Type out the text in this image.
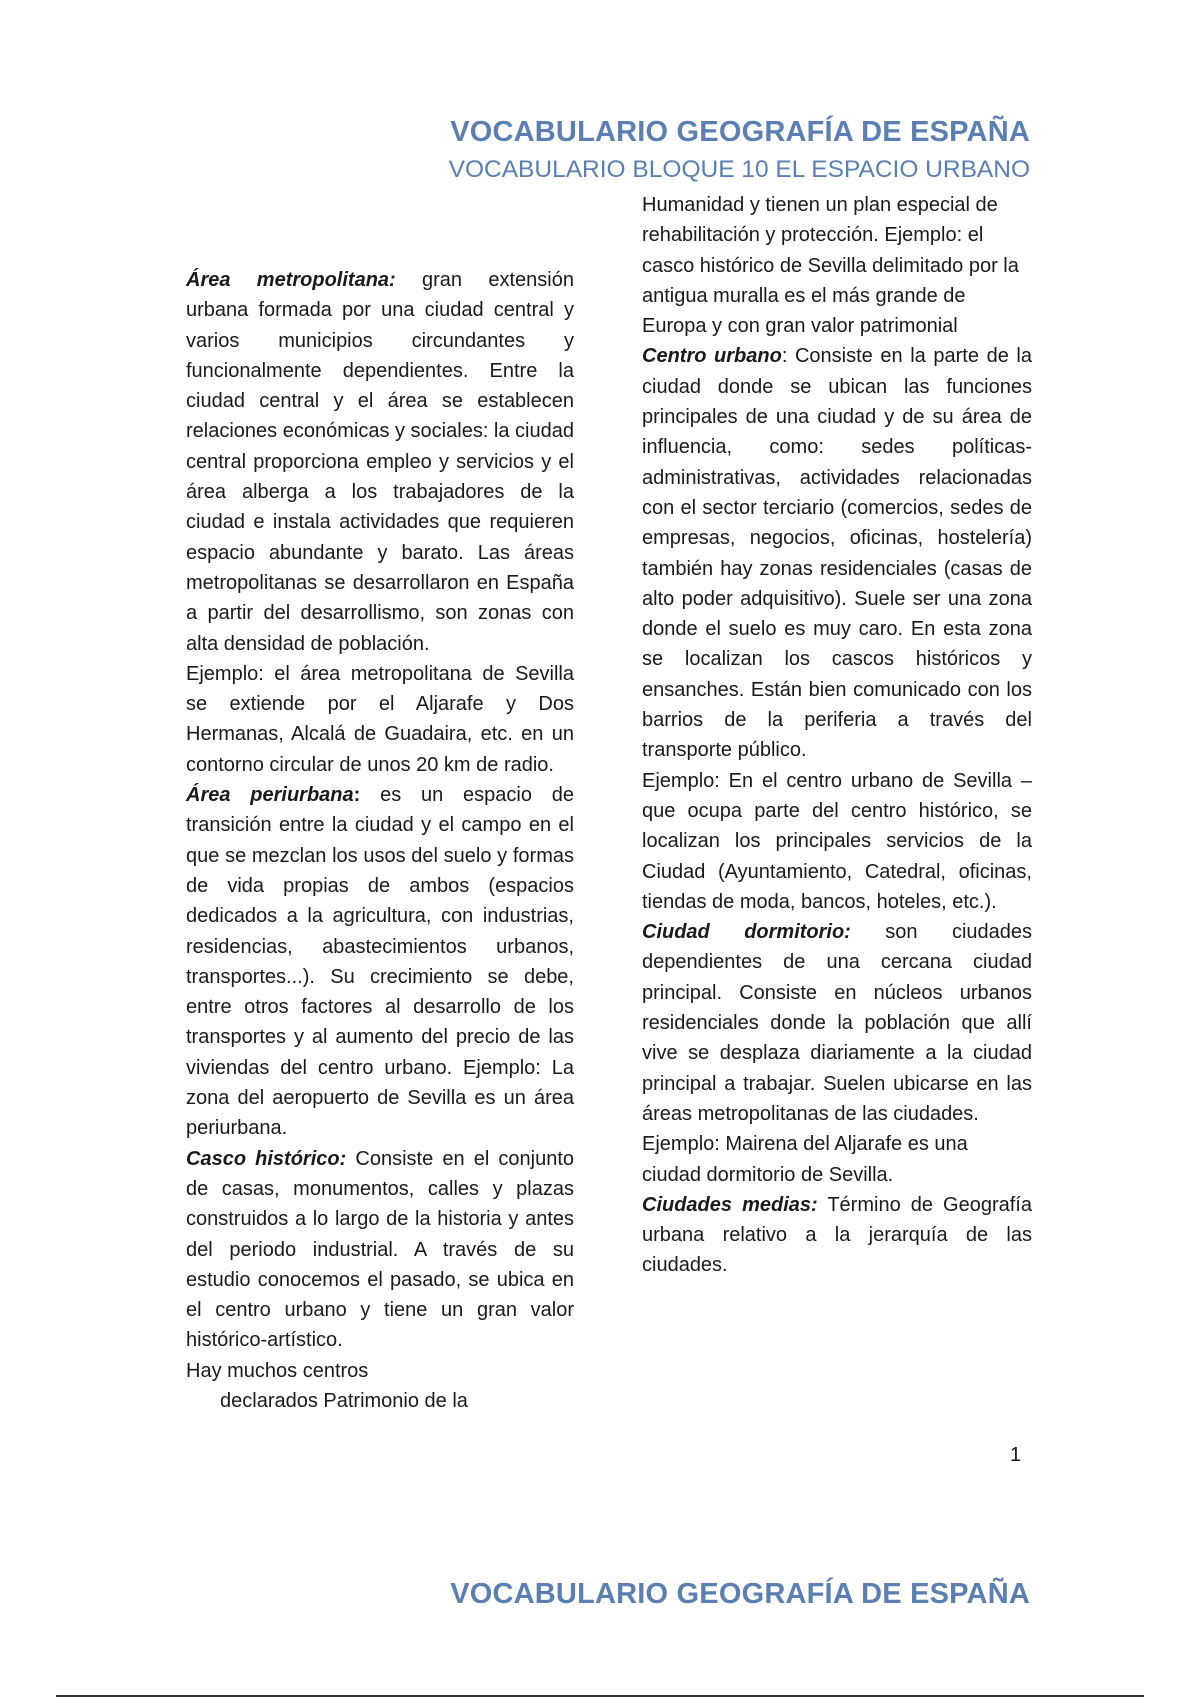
VOCABULARIO GEOGRAFÍA DE ESPAÑA
VOCABULARIO BLOQUE 10 EL ESPACIO URBANO

Área metropolitana: gran extensión urbana formada por una ciudad central y varios municipios circundantes y funcionalmente dependientes. Entre la ciudad central y el área se establecen relaciones económicas y sociales: la ciudad central proporciona empleo y servicios y el área alberga a los trabajadores de la ciudad e instala actividades que requieren espacio abundante y barato. Las áreas metropolitanas se desarrollaron en España a partir del desarrollismo, son zonas con alta densidad de población.

Ejemplo: el área metropolitana de Sevilla se extiende por el Aljarafe y Dos Hermanas, Alcalá de Guadaira, etc. en un contorno circular de unos 20 km de radio.

Área periurbana: es un espacio de transición entre la ciudad y el campo en el que se mezclan los usos del suelo y formas de vida propias de ambos (espacios dedicados a la agricultura, con industrias, residencias, abastecimientos urbanos, transportes...). Su crecimiento se debe, entre otros factores al desarrollo de los transportes y al aumento del precio de las viviendas del centro urbano. Ejemplo: La zona del aeropuerto de Sevilla es un área periurbana.

Casco histórico: Consiste en el conjunto de casas, monumentos, calles y plazas construidos a lo largo de la historia y antes del periodo industrial. A través de su estudio conocemos el pasado, se ubica en el centro urbano y tiene un gran valor histórico-artístico.

Hay muchos centros

declarados Patrimonio de la

Humanidad y tienen un plan especial de rehabilitación y protección. Ejemplo: el casco histórico de Sevilla delimitado por la antigua muralla es el más grande de Europa y con gran valor patrimonial

Centro urbano: Consiste en la parte de la ciudad donde se ubican las funciones principales de una ciudad y de su área de influencia, como: sedes políticas-administrativas, actividades relacionadas con el sector terciario (comercios, sedes de empresas, negocios, oficinas, hostelería) también hay zonas residenciales (casas de alto poder adquisitivo). Suele ser una zona donde el suelo es muy caro. En esta zona se localizan los cascos históricos y ensanches. Están bien comunicado con los barrios de la periferia a través del transporte público.

Ejemplo: En el centro urbano de Sevilla – que ocupa parte del centro histórico, se localizan los principales servicios de la Ciudad (Ayuntamiento, Catedral, oficinas, tiendas de moda, bancos, hoteles, etc.).

Ciudad dormitorio: son ciudades dependientes de una cercana ciudad principal. Consiste en núcleos urbanos residenciales donde la población que allí vive se desplaza diariamente a la ciudad principal a trabajar. Suelen ubicarse en las áreas metropolitanas de las ciudades.

Ejemplo: Mairena del Aljarafe es una ciudad dormitorio de Sevilla.

Ciudades medias: Término de Geografía urbana relativo a la jerarquía de las ciudades.

1

VOCABULARIO GEOGRAFÍA DE ESPAÑA
